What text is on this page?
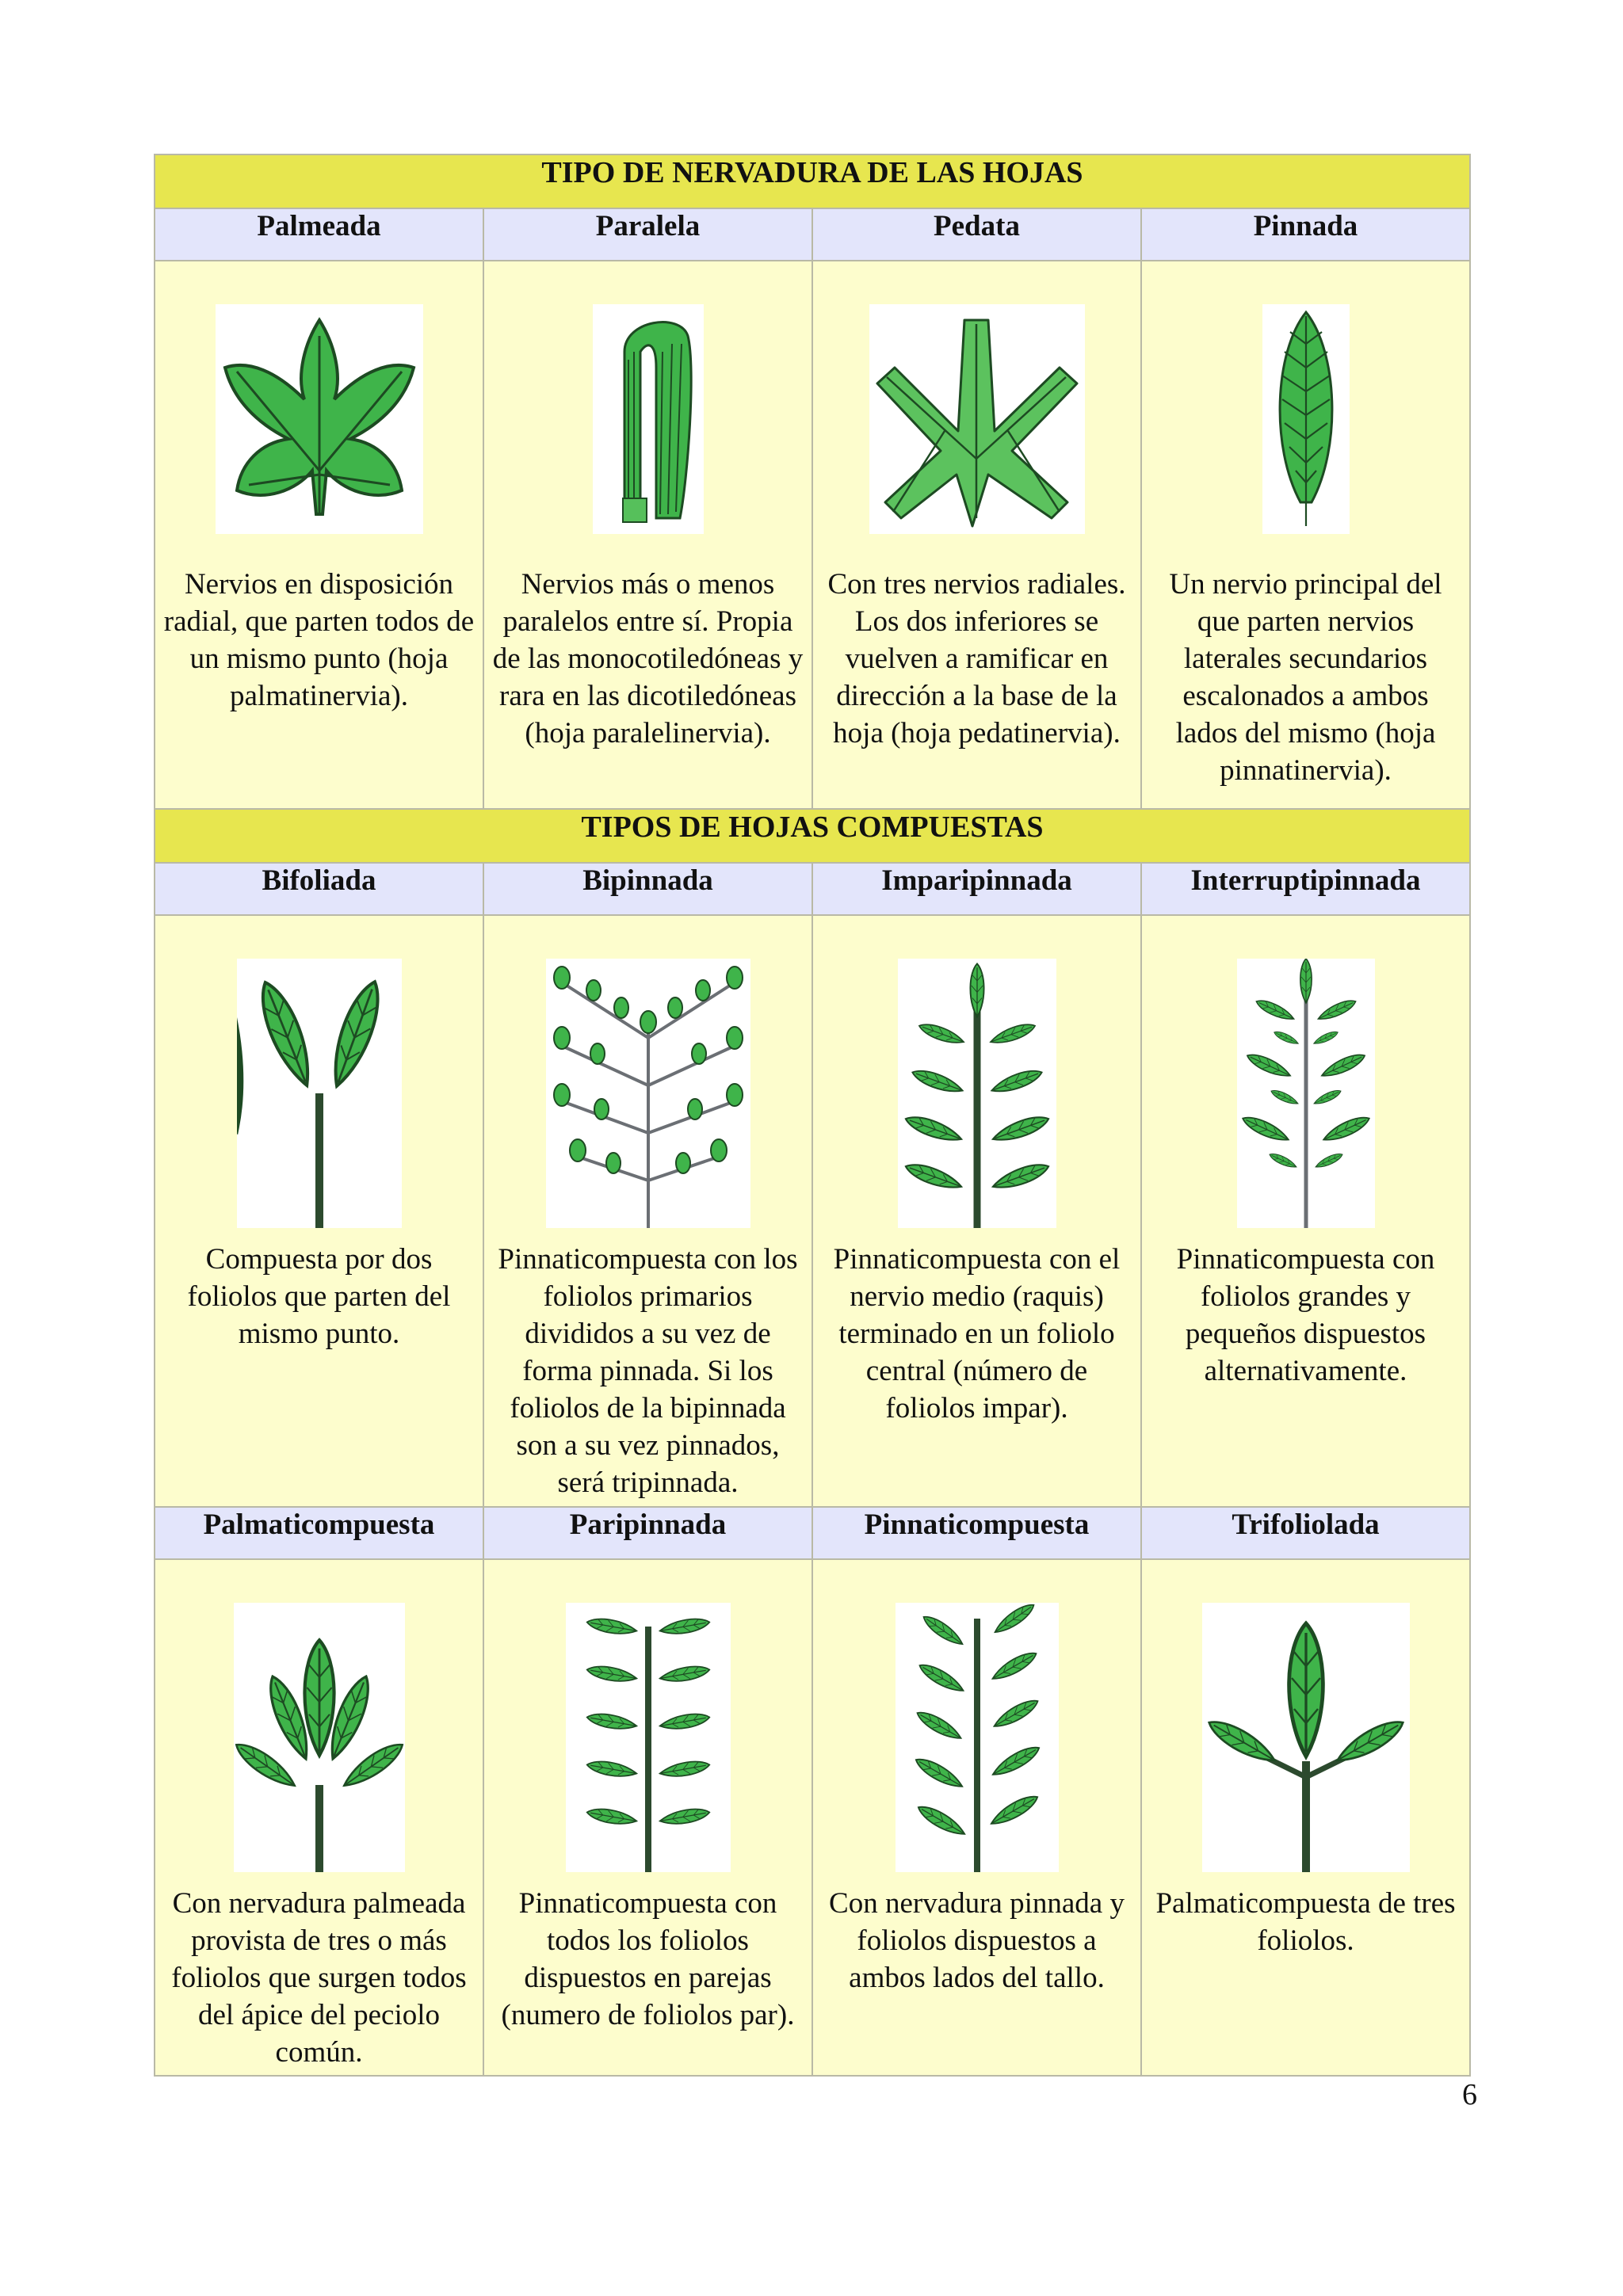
TIPO DE NERVADURA DE LAS HOJAS			
Palmeada	Paralela	Pedata	Pinnada

Nervios en disposición radial, que parten todos de un mismo punto (hoja palmatinervia).	Nervios más o menos paralelos entre sí. Propia de las monocotiledóneas y rara en las dicotiledóneas (hoja paralelinervia).	Con tres nervios radiales. Los dos inferiores se vuelven a ramificar en dirección a la base de la hoja (hoja pedatinervia).	Un nervio principal del que parten nervios laterales secundarios escalonados a ambos lados del mismo (hoja pinnatinervia).

TIPOS DE HOJAS COMPUESTAS			
Bifoliada	Bipinnada	Imparipinnada	Interruptipinnada

Compuesta por dos foliolos que parten del mismo punto.	Pinnaticompuesta con los foliolos primarios divididos a su vez de forma pinnada. Si los foliolos de la bipinnada son a su vez pinnados, será tripinnada.	Pinnaticompuesta con el nervio medio (raquis) terminado en un foliolo central (número de foliolos impar).	Pinnaticompuesta con foliolos grandes y pequeños dispuestos alternativamente.

Palmaticompuesta	Paripinnada	Pinnaticompuesta	Trifoliolada

Con nervadura palmeada provista de tres o más foliolos que surgen todos del ápice del peciolo común.	Pinnaticompuesta con todos los foliolos dispuestos en parejas (numero de foliolos par).	Con nervadura pinnada y foliolos dispuestos a ambos lados del tallo.	Palmaticompuesta de tres foliolos.
6
